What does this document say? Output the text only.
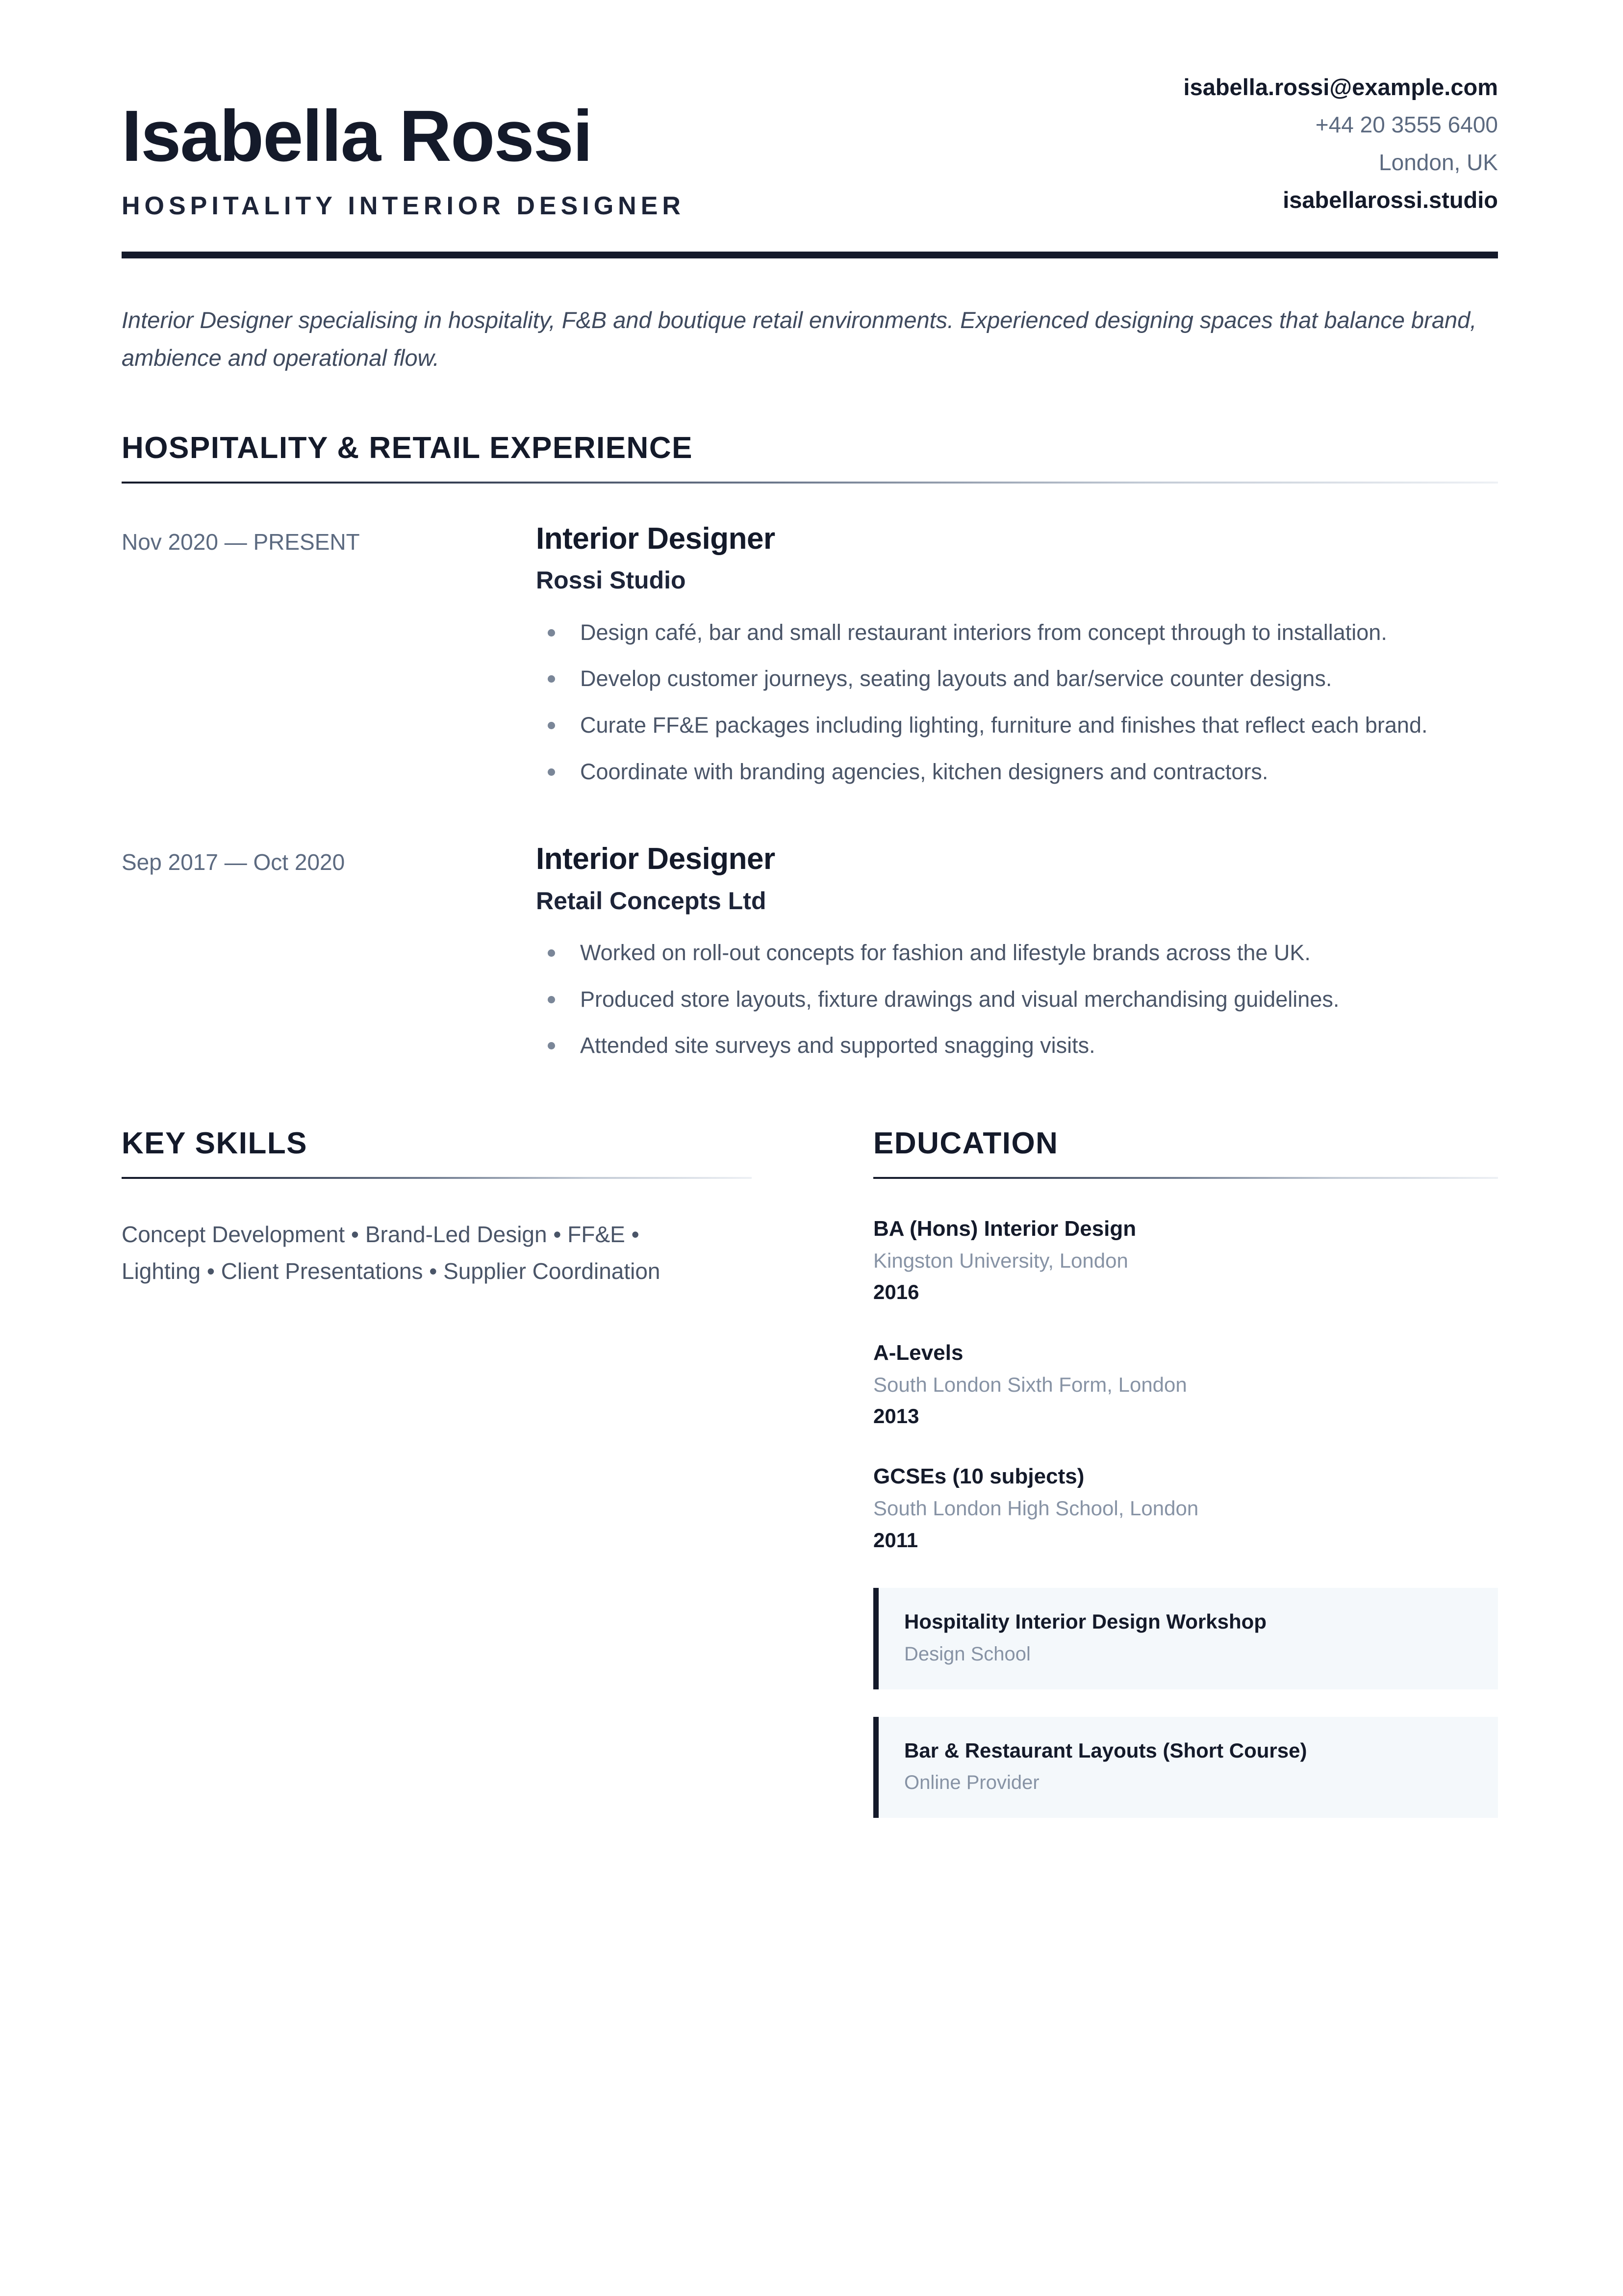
Isabella Rossi
HOSPITALITY INTERIOR DESIGNER
isabella.rossi@example.com
+44 20 3555 6400
London, UK
isabellarossi.studio

Interior Designer specialising in hospitality, F&B and boutique retail environments. Experienced designing spaces that balance brand, ambience and operational flow.

HOSPITALITY & RETAIL EXPERIENCE
Nov 2020 — PRESENT	Interior Designer
Rossi Studio
Design café, bar and small restaurant interiors from concept through to installation.
Develop customer journeys, seating layouts and bar/service counter designs.
Curate FF&E packages including lighting, furniture and finishes that reflect each brand.
Coordinate with branding agencies, kitchen designers and contractors.
Sep 2017 — Oct 2020	Interior Designer
Retail Concepts Ltd
Worked on roll-out concepts for fashion and lifestyle brands across the UK.
Produced store layouts, fixture drawings and visual merchandising guidelines.
Attended site surveys and supported snagging visits.
KEY SKILLS
Concept Development • Brand-Led Design • FF&E •
Lighting • Client Presentations • Supplier Coordination
EDUCATION
BA (Hons) Interior Design
Kingston University, London
2016
A-Levels
South London Sixth Form, London
2013
GCSEs (10 subjects)
South London High School, London
2011
Hospitality Interior Design Workshop
Design School
Bar & Restaurant Layouts (Short Course)
Online Provider
